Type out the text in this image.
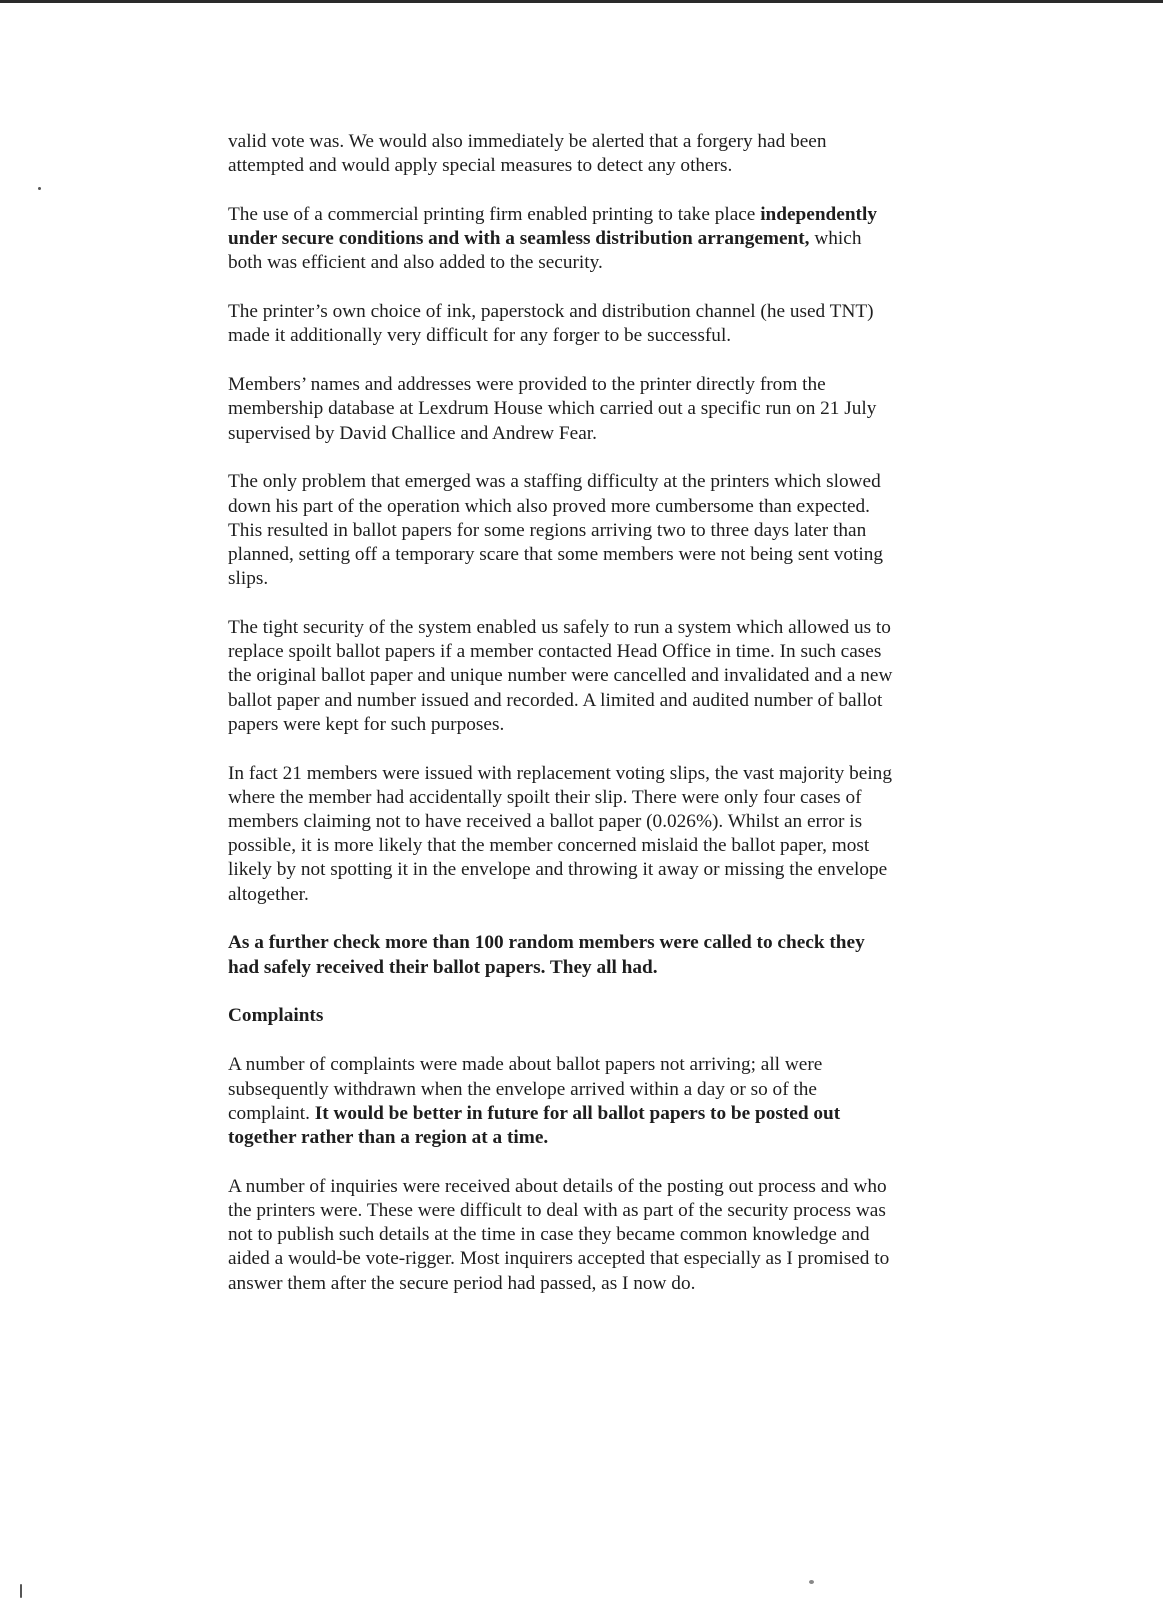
valid vote was. We would also immediately be alerted that a forgery had been
attempted and would apply special measures to detect any others.

The use of a commercial printing firm enabled printing to take place independently
under secure conditions and with a seamless distribution arrangement, which
both was efficient and also added to the security.

The printer’s own choice of ink, paperstock and distribution channel (he used TNT)
made it additionally very difficult for any forger to be successful.

Members’ names and addresses were provided to the printer directly from the
membership database at Lexdrum House which carried out a specific run on 21 July
supervised by David Challice and Andrew Fear.

The only problem that emerged was a staffing difficulty at the printers which slowed
down his part of the operation which also proved more cumbersome than expected.
This resulted in ballot papers for some regions arriving two to three days later than
planned, setting off a temporary scare that some members were not being sent voting
slips.

The tight security of the system enabled us safely to run a system which allowed us to
replace spoilt ballot papers if a member contacted Head Office in time. In such cases
the original ballot paper and unique number were cancelled and invalidated and a new
ballot paper and number issued and recorded. A limited and audited number of ballot
papers were kept for such purposes.

In fact 21 members were issued with replacement voting slips, the vast majority being
where the member had accidentally spoilt their slip. There were only four cases of
members claiming not to have received a ballot paper (0.026%). Whilst an error is
possible, it is more likely that the member concerned mislaid the ballot paper, most
likely by not spotting it in the envelope and throwing it away or missing the envelope
altogether.

As a further check more than 100 random members were called to check they
had safely received their ballot papers. They all had.

Complaints

A number of complaints were made about ballot papers not arriving; all were
subsequently withdrawn when the envelope arrived within a day or so of the
complaint. It would be better in future for all ballot papers to be posted out
together rather than a region at a time.

A number of inquiries were received about details of the posting out process and who
the printers were. These were difficult to deal with as part of the security process was
not to publish such details at the time in case they became common knowledge and
aided a would-be vote-rigger. Most inquirers accepted that especially as I promised to
answer them after the secure period had passed, as I now do.
